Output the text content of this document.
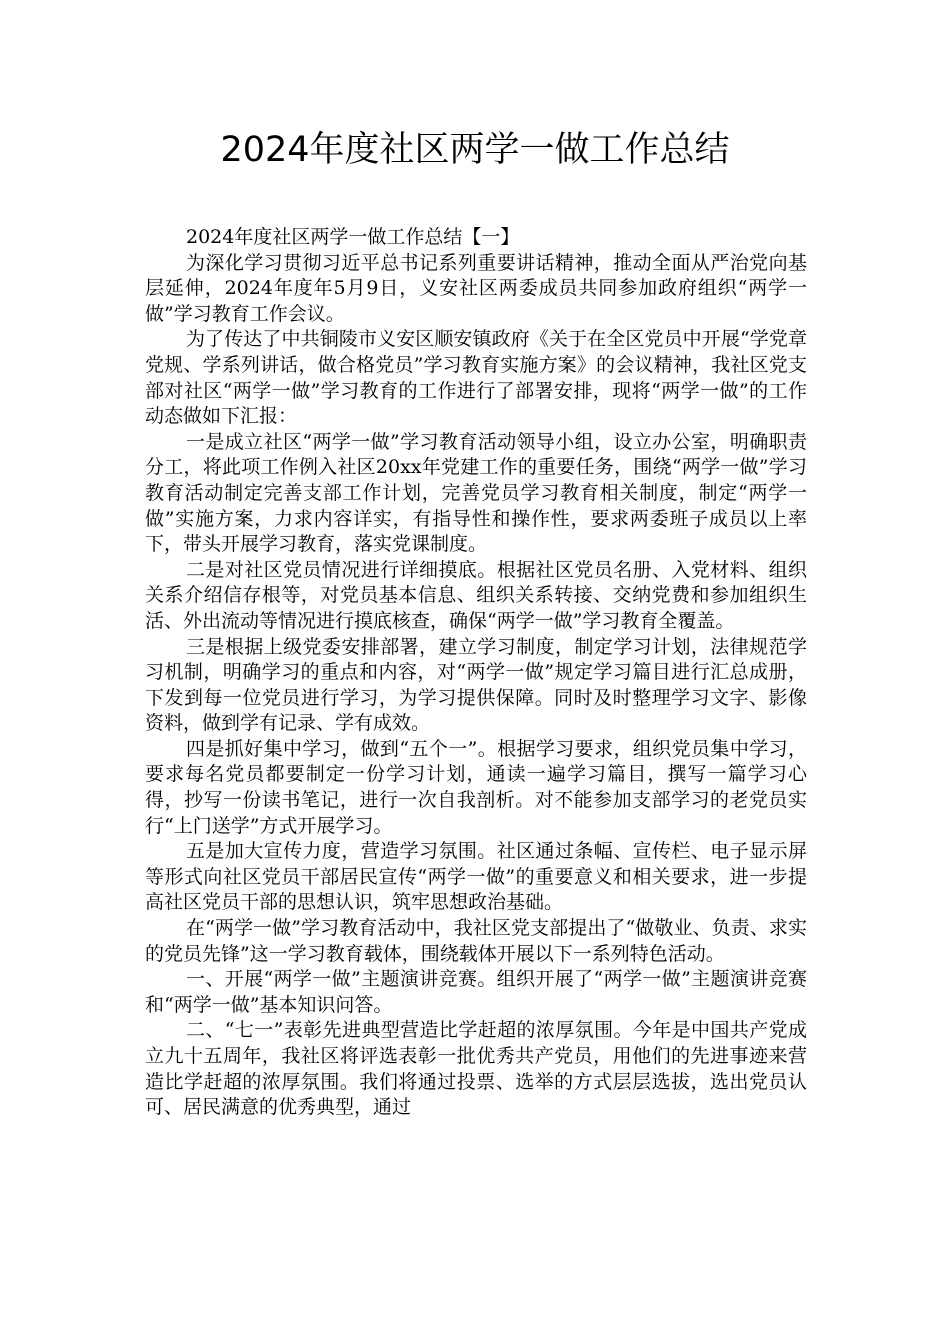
2024年度社区两学一做工作总结

2024年度社区两学一做工作总结【一】

为深化学习贯彻习近平总书记系列重要讲话精神，推动全面从严治党向基层延伸，2024年度年5月9日，义安社区两委成员共同参加政府组织“两学一做”学习教育工作会议。

为了传达了中共铜陵市义安区顺安镇政府《关于在全区党员中开展“学党章党规、学系列讲话，做合格党员”学习教育实施方案》的会议精神，我社区党支部对社区“两学一做”学习教育的工作进行了部署安排，现将“两学一做”的工作动态做如下汇报：

一是成立社区“两学一做”学习教育活动领导小组，设立办公室，明确职责分工，将此项工作例入社区20xx年党建工作的重要任务，围绕“两学一做”学习教育活动制定完善支部工作计划，完善党员学习教育相关制度，制定“两学一做”实施方案，力求内容详实，有指导性和操作性，要求两委班子成员以上率下，带头开展学习教育，落实党课制度。

二是对社区党员情况进行详细摸底。根据社区党员名册、入党材料、组织关系介绍信存根等，对党员基本信息、组织关系转接、交纳党费和参加组织生活、外出流动等情况进行摸底核查，确保“两学一做”学习教育全覆盖。

三是根据上级党委安排部署，建立学习制度，制定学习计划，法律规范学习机制，明确学习的重点和内容，对“两学一做”规定学习篇目进行汇总成册，下发到每一位党员进行学习，为学习提供保障。同时及时整理学习文字、影像资料，做到学有记录、学有成效。

四是抓好集中学习，做到“五个一”。根据学习要求，组织党员集中学习，要求每名党员都要制定一份学习计划，通读一遍学习篇目，撰写一篇学习心得，抄写一份读书笔记，进行一次自我剖析。对不能参加支部学习的老党员实行“上门送学”方式开展学习。

五是加大宣传力度，营造学习氛围。社区通过条幅、宣传栏、电子显示屏等形式向社区党员干部居民宣传“两学一做”的重要意义和相关要求，进一步提高社区党员干部的思想认识，筑牢思想政治基础。

在“两学一做”学习教育活动中，我社区党支部提出了“做敬业、负责、求实的党员先锋”这一学习教育载体，围绕载体开展以下一系列特色活动。

一、开展“两学一做”主题演讲竞赛。组织开展了“两学一做”主题演讲竞赛和“两学一做”基本知识问答。

二、“七一”表彰先进典型营造比学赶超的浓厚氛围。今年是中国共产党成立九十五周年，我社区将评选表彰一批优秀共产党员，用他们的先进事迹来营造比学赶超的浓厚氛围。我们将通过投票、选举的方式层层选拔，选出党员认可、居民满意的优秀典型，通过
